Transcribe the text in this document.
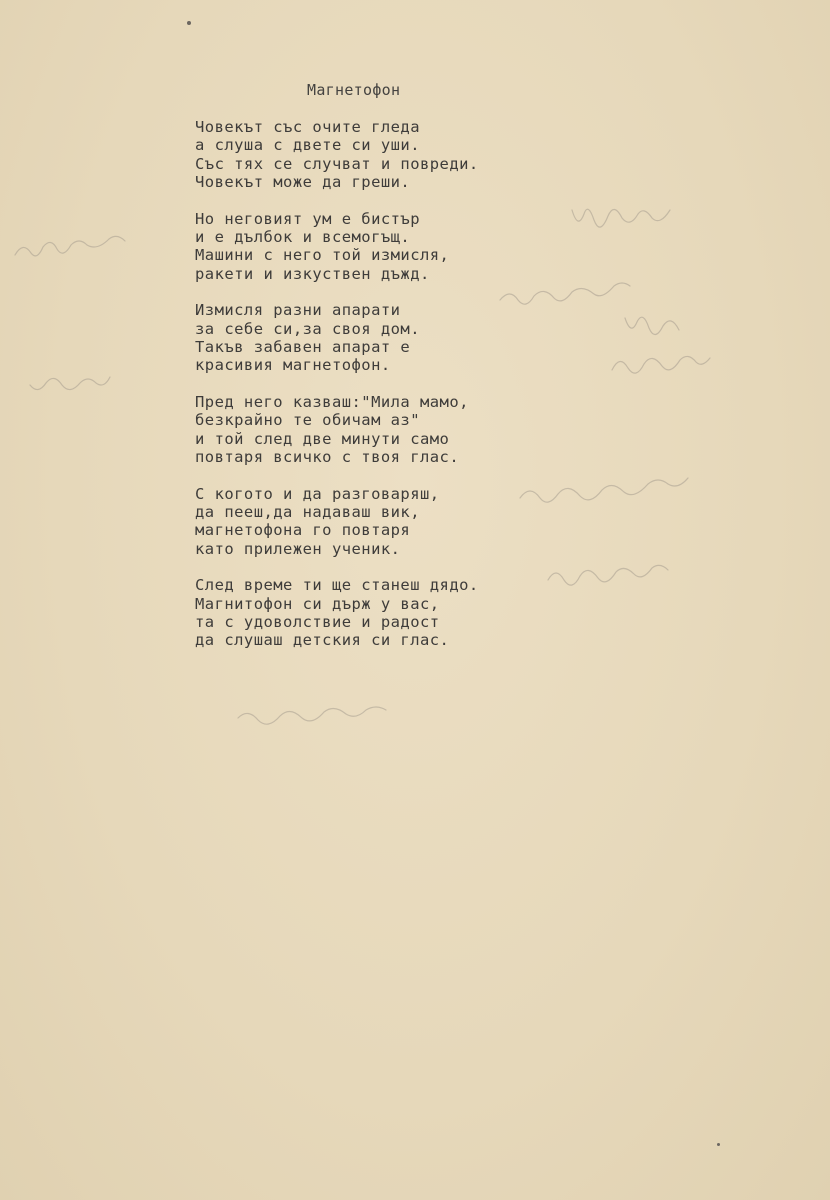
Магнетофон
Човекът със очите гледа
а слуша с двете си уши.
Със тях се случват и повреди.
Човекът може да греши.
Но неговият ум е бистър
и е дълбок и всемогъщ.
Машини с него той измисля,
ракети и изкуствен дъжд.
Измисля разни апарати
за себе си,за своя дом.
Такъв забавен апарат е
красивия магнетофон.
Пред него казваш:"Мила мамо,
безкрайно те обичам аз"
и той след две минути само
повтаря всичко с твоя глас.
С когото и да разговаряш,
да пееш,да надаваш вик,
магнетофона го повтаря
като прилежен ученик.
След време ти ще станеш дядо.
Магнитофон си държ у вас,
та с удоволствие и радост
да слушаш детския си глас.
